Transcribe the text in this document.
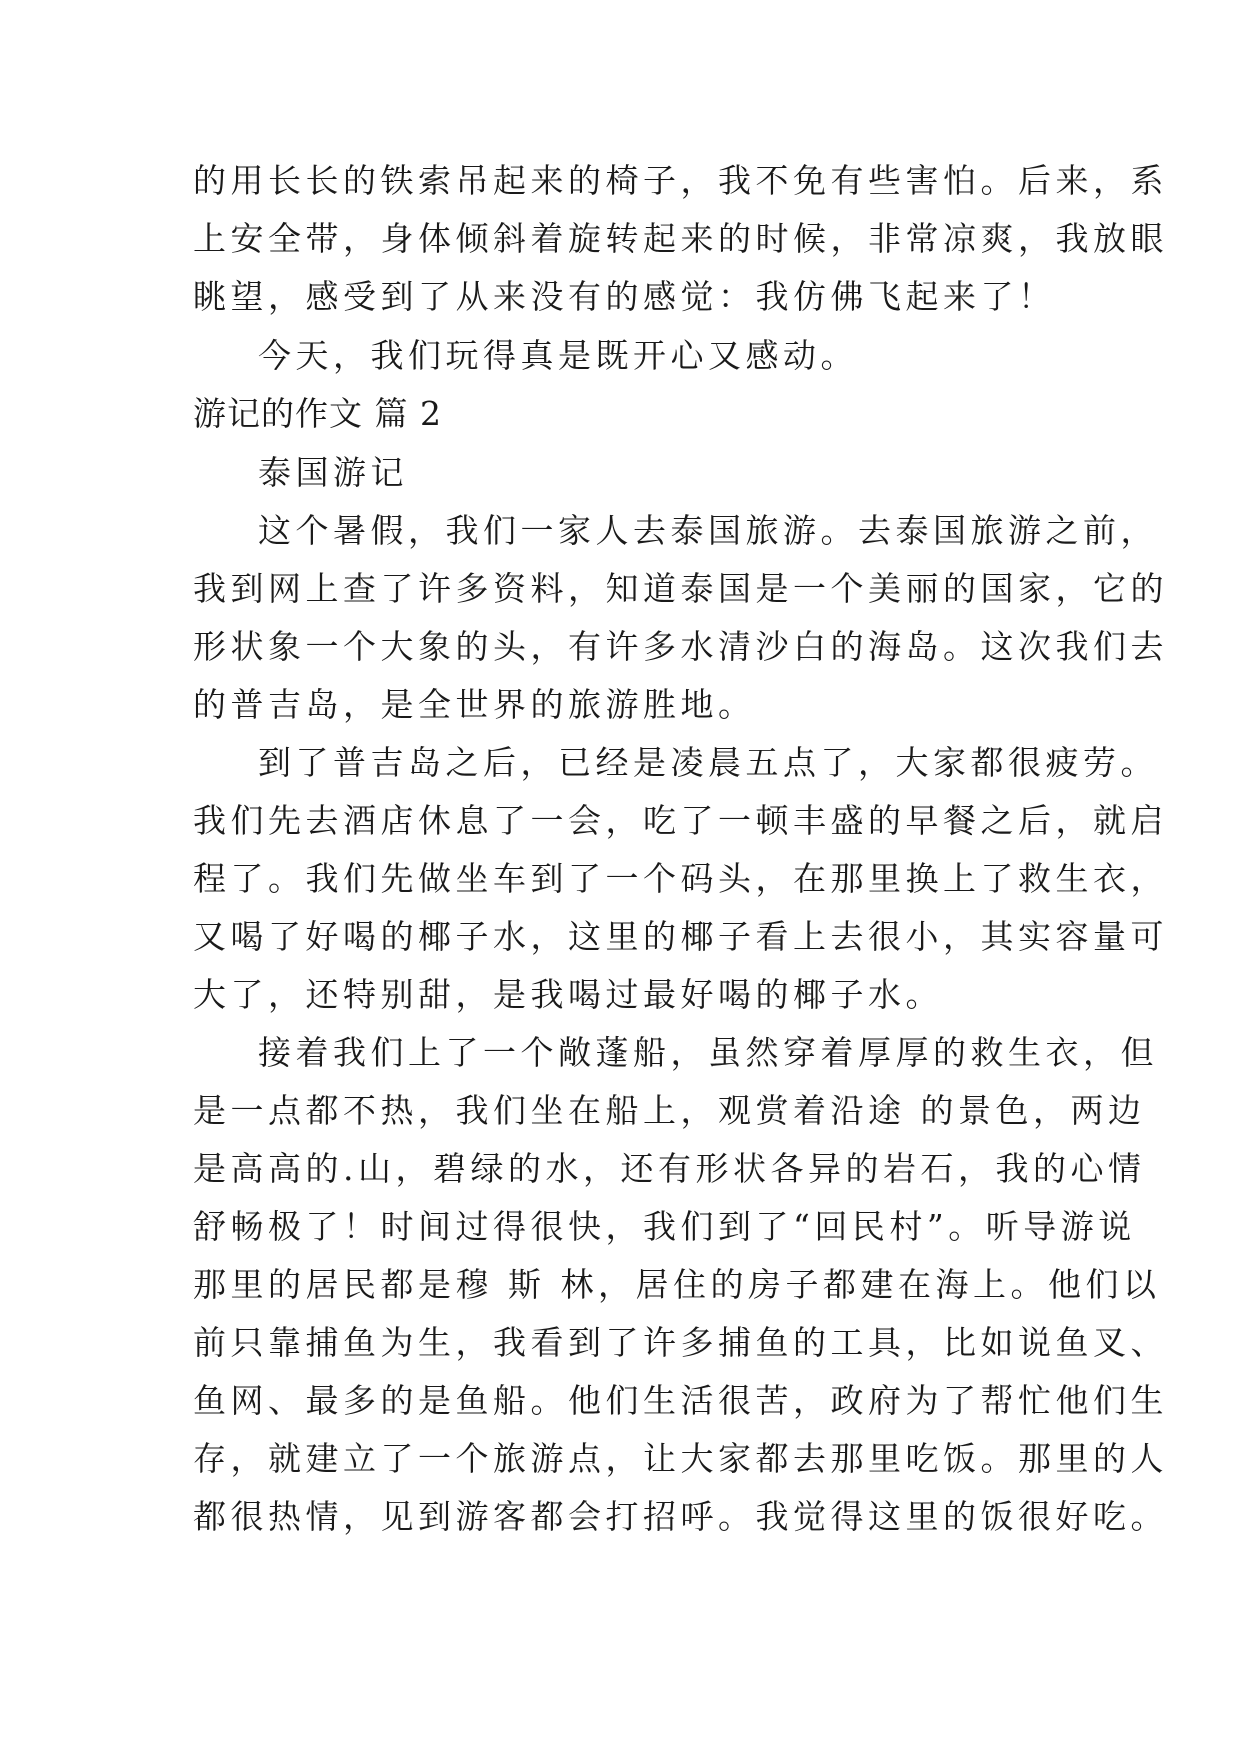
的用长长的铁索吊起来的椅子，我不免有些害怕。后来，系
上安全带，身体倾斜着旋转起来的时候，非常凉爽，我放眼
眺望，感受到了从来没有的感觉：我仿佛飞起来了！
今天，我们玩得真是既开心又感动。
游记的作文 篇 2
泰国游记
这个暑假，我们一家人去泰国旅游。去泰国旅游之前，
我到网上查了许多资料，知道泰国是一个美丽的国家，它的
形状象一个大象的头，有许多水清沙白的海岛。这次我们去
的普吉岛，是全世界的旅游胜地。
到了普吉岛之后，已经是凌晨五点了，大家都很疲劳。
我们先去酒店休息了一会，吃了一顿丰盛的早餐之后，就启
程了。我们先做坐车到了一个码头，在那里换上了救生衣，
又喝了好喝的椰子水，这里的椰子看上去很小，其实容量可
大了，还特别甜，是我喝过最好喝的椰子水。
接着我们上了一个敞蓬船，虽然穿着厚厚的救生衣，但
是一点都不热，我们坐在船上，观赏着沿途 的景色，两边
是高高的.山，碧绿的水，还有形状各异的岩石，我的心情
舒畅极了！时间过得很快，我们到了“回民村”。听导游说
那里的居民都是穆 斯 林，居住的房子都建在海上。他们以
前只靠捕鱼为生，我看到了许多捕鱼的工具，比如说鱼叉、
鱼网、最多的是鱼船。他们生活很苦，政府为了帮忙他们生
存，就建立了一个旅游点，让大家都去那里吃饭。那里的人
都很热情，见到游客都会打招呼。我觉得这里的饭很好吃。
